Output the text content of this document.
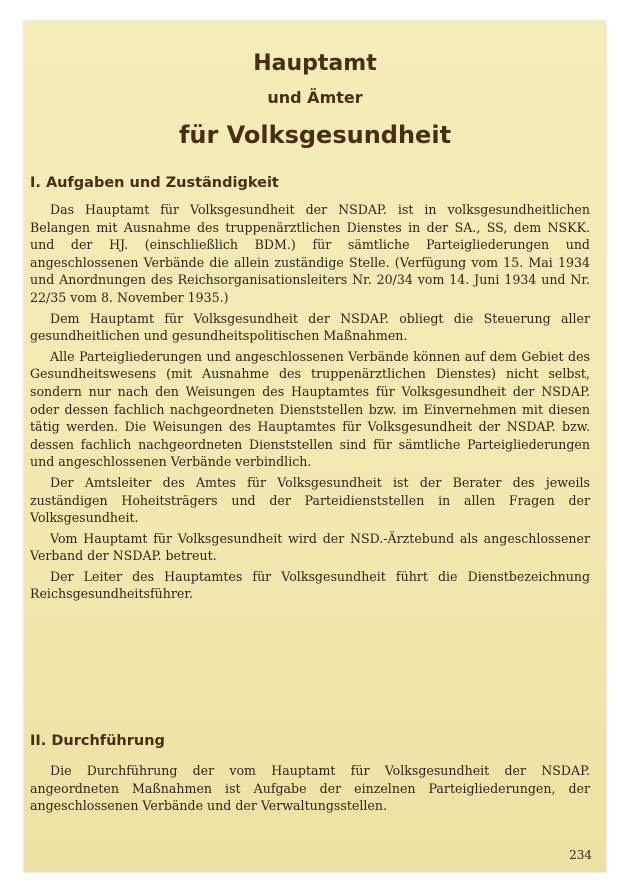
Hauptamt
und Ämter
für Volksgesundheit
I. Aufgaben und Zuständigkeit

Das Hauptamt für Volksgesundheit der NSDAP. ist in volksgesundheitlichen Belangen mit Ausnahme des truppenärztlichen Dienstes in der SA., SS, dem NSKK. und der HJ. (einschließlich BDM.) für sämtliche Parteigliederungen und angeschlossenen Verbände die allein zuständige Stelle. (Verfügung vom 15. Mai 1934 und Anordnungen des Reichsorganisationsleiters Nr. 20/34 vom 14. Juni 1934 und Nr. 22/35 vom 8. November 1935.)

Dem Hauptamt für Volksgesundheit der NSDAP. obliegt die Steuerung aller gesundheitlichen und gesundheitspolitischen Maßnahmen.

Alle Parteigliederungen und angeschlossenen Verbände können auf dem Gebiet des Gesundheitswesens (mit Ausnahme des truppenärztlichen Dienstes) nicht selbst, sondern nur nach den Weisungen des Hauptamtes für Volksgesundheit der NSDAP. oder dessen fachlich nachgeordneten Dienststellen bzw. im Einvernehmen mit diesen tätig werden. Die Weisungen des Hauptamtes für Volksgesundheit der NSDAP. bzw. dessen fachlich nachgeordneten Dienststellen sind für sämtliche Parteigliederungen und angeschlossenen Verbände verbindlich.

Der Amtsleiter des Amtes für Volksgesundheit ist der Berater des jeweils zuständigen Hoheitsträgers und der Parteidienststellen in allen Fragen der Volksgesundheit.

Vom Hauptamt für Volksgesundheit wird der NSD.-Ärztebund als angeschlossener Verband der NSDAP. betreut.

Der Leiter des Hauptamtes für Volksgesundheit führt die Dienstbezeichnung Reichsgesundheitsführer.

II. Durchführung

Die Durchführung der vom Hauptamt für Volksgesundheit der NSDAP. angeordneten Maßnahmen ist Aufgabe der einzelnen Parteigliederungen, der angeschlossenen Verbände und der Verwaltungsstellen.

234
